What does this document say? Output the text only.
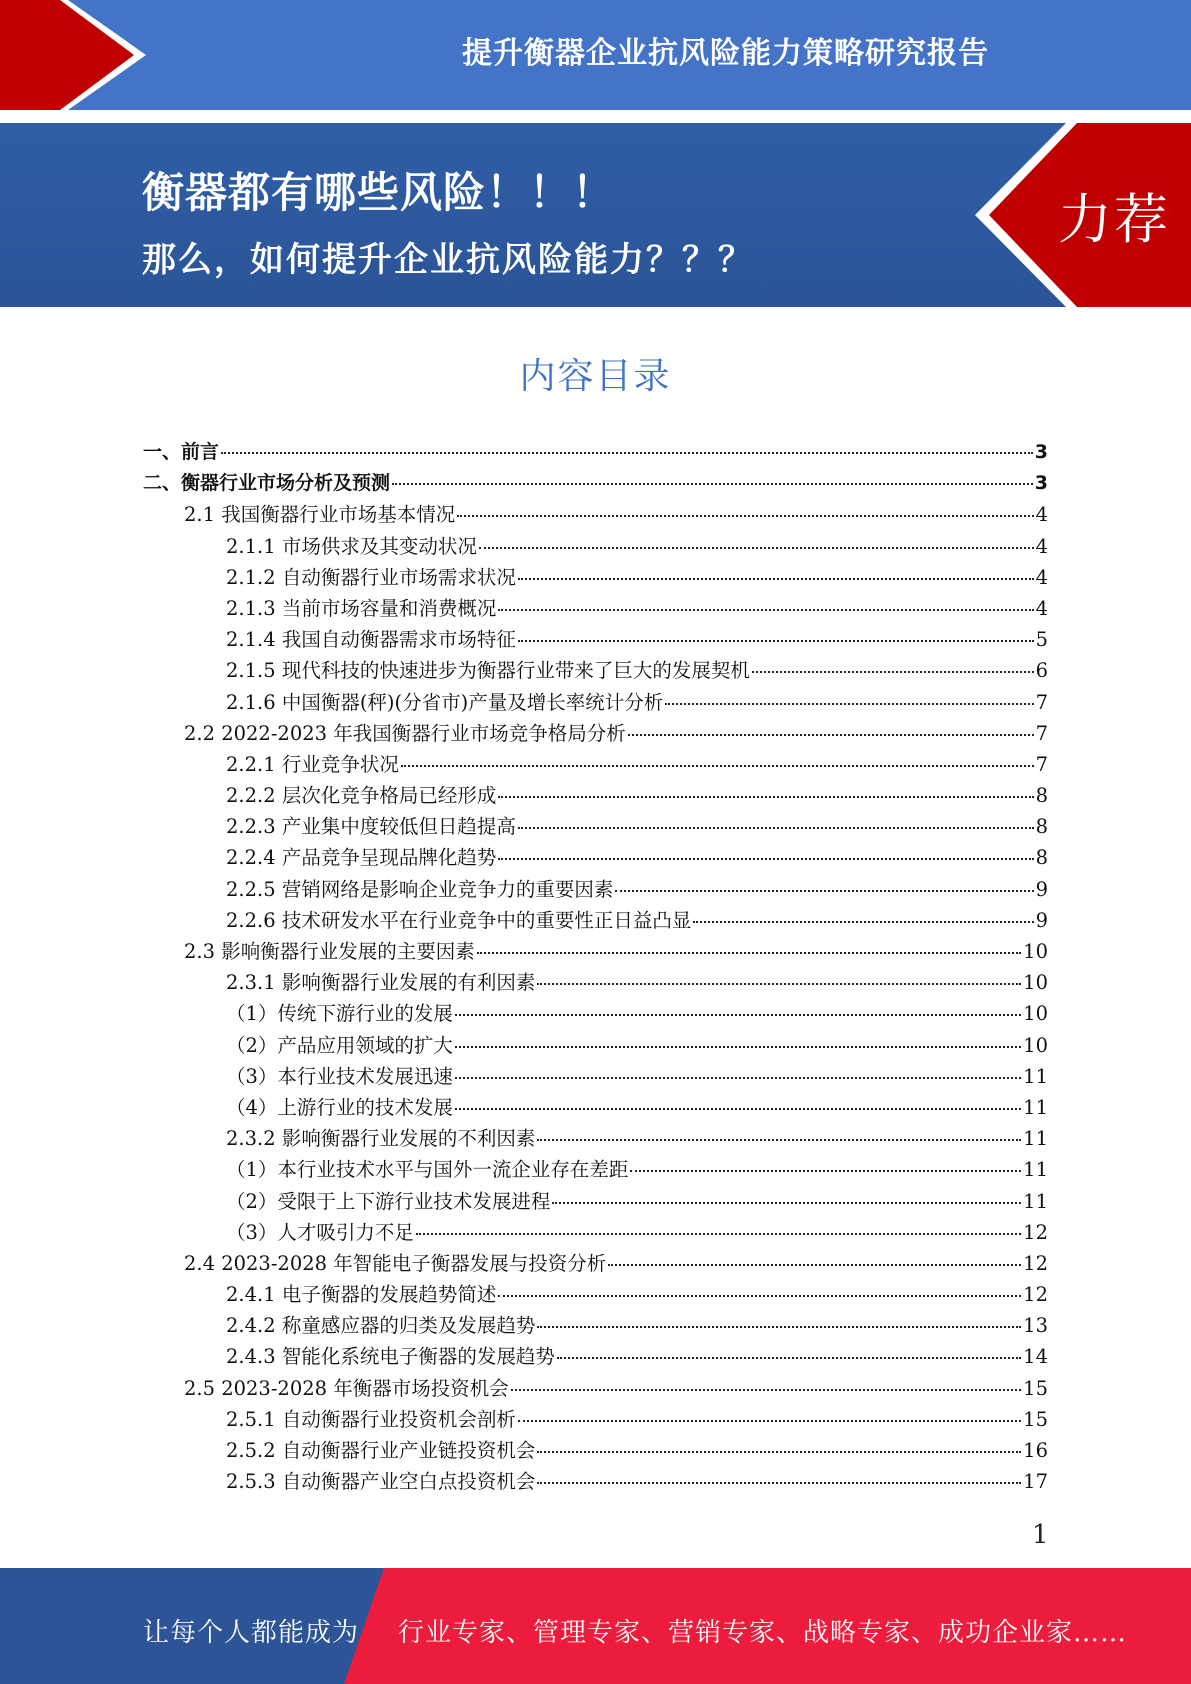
提升衡器企业抗风险能力策略研究报告
衡器都有哪些风险！！！
那么，如何提升企业抗风险能力？？？
力荐
内容目录
一、前言	3
二、衡器行业市场分析及预测	3
2.1 我国衡器行业市场基本情况	4
2.1.1 市场供求及其变动状况	4
2.1.2 自动衡器行业市场需求状况	4
2.1.3 当前市场容量和消费概况	4
2.1.4 我国自动衡器需求市场特征	5
2.1.5 现代科技的快速进步为衡器行业带来了巨大的发展契机	6
2.1.6 中国衡器(秤)(分省市)产量及增长率统计分析	7
2.2 2022-2023 年我国衡器行业市场竞争格局分析	7
2.2.1 行业竞争状况	7
2.2.2 层次化竞争格局已经形成	8
2.2.3 产业集中度较低但日趋提高	8
2.2.4 产品竞争呈现品牌化趋势	8
2.2.5 营销网络是影响企业竞争力的重要因素	9
2.2.6 技术研发水平在行业竞争中的重要性正日益凸显	9
2.3 影响衡器行业发展的主要因素	10
2.3.1 影响衡器行业发展的有利因素	10
（1）传统下游行业的发展	10
（2）产品应用领域的扩大	10
（3）本行业技术发展迅速	11
（4）上游行业的技术发展	11
2.3.2 影响衡器行业发展的不利因素	11
（1）本行业技术水平与国外一流企业存在差距	11
（2）受限于上下游行业技术发展进程	11
（3）人才吸引力不足	12
2.4 2023-2028 年智能电子衡器发展与投资分析	12
2.4.1 电子衡器的发展趋势简述	12
2.4.2 称童感应器的归类及发展趋势	13
2.4.3 智能化系统电子衡器的发展趋势	14
2.5 2023-2028 年衡器市场投资机会	15
2.5.1 自动衡器行业投资机会剖析	15
2.5.2 自动衡器行业产业链投资机会	16
2.5.3 自动衡器产业空白点投资机会	17
1
让每个人都能成为 行业专家、管理专家、营销专家、战略专家、成功企业家……
